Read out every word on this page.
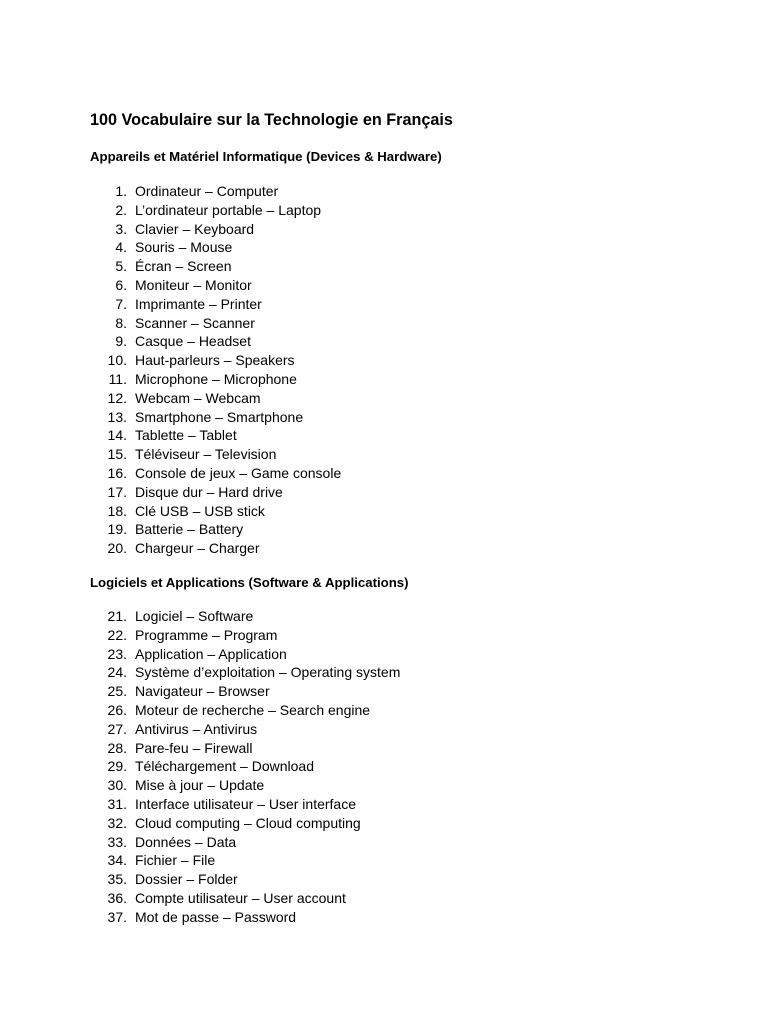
100 Vocabulaire sur la Technologie en Français
Appareils et Matériel Informatique (Devices & Hardware)
1. Ordinateur – Computer
2. L’ordinateur portable – Laptop
3. Clavier – Keyboard
4. Souris – Mouse
5. Écran – Screen
6. Moniteur – Monitor
7. Imprimante – Printer
8. Scanner – Scanner
9. Casque – Headset
10. Haut-parleurs – Speakers
11. Microphone – Microphone
12. Webcam – Webcam
13. Smartphone – Smartphone
14. Tablette – Tablet
15. Téléviseur – Television
16. Console de jeux – Game console
17. Disque dur – Hard drive
18. Clé USB – USB stick
19. Batterie – Battery
20. Chargeur – Charger
Logiciels et Applications (Software & Applications)
21. Logiciel – Software
22. Programme – Program
23. Application – Application
24. Système d’exploitation – Operating system
25. Navigateur – Browser
26. Moteur de recherche – Search engine
27. Antivirus – Antivirus
28. Pare-feu – Firewall
29. Téléchargement – Download
30. Mise à jour – Update
31. Interface utilisateur – User interface
32. Cloud computing – Cloud computing
33. Données – Data
34. Fichier – File
35. Dossier – Folder
36. Compte utilisateur – User account
37. Mot de passe – Password
